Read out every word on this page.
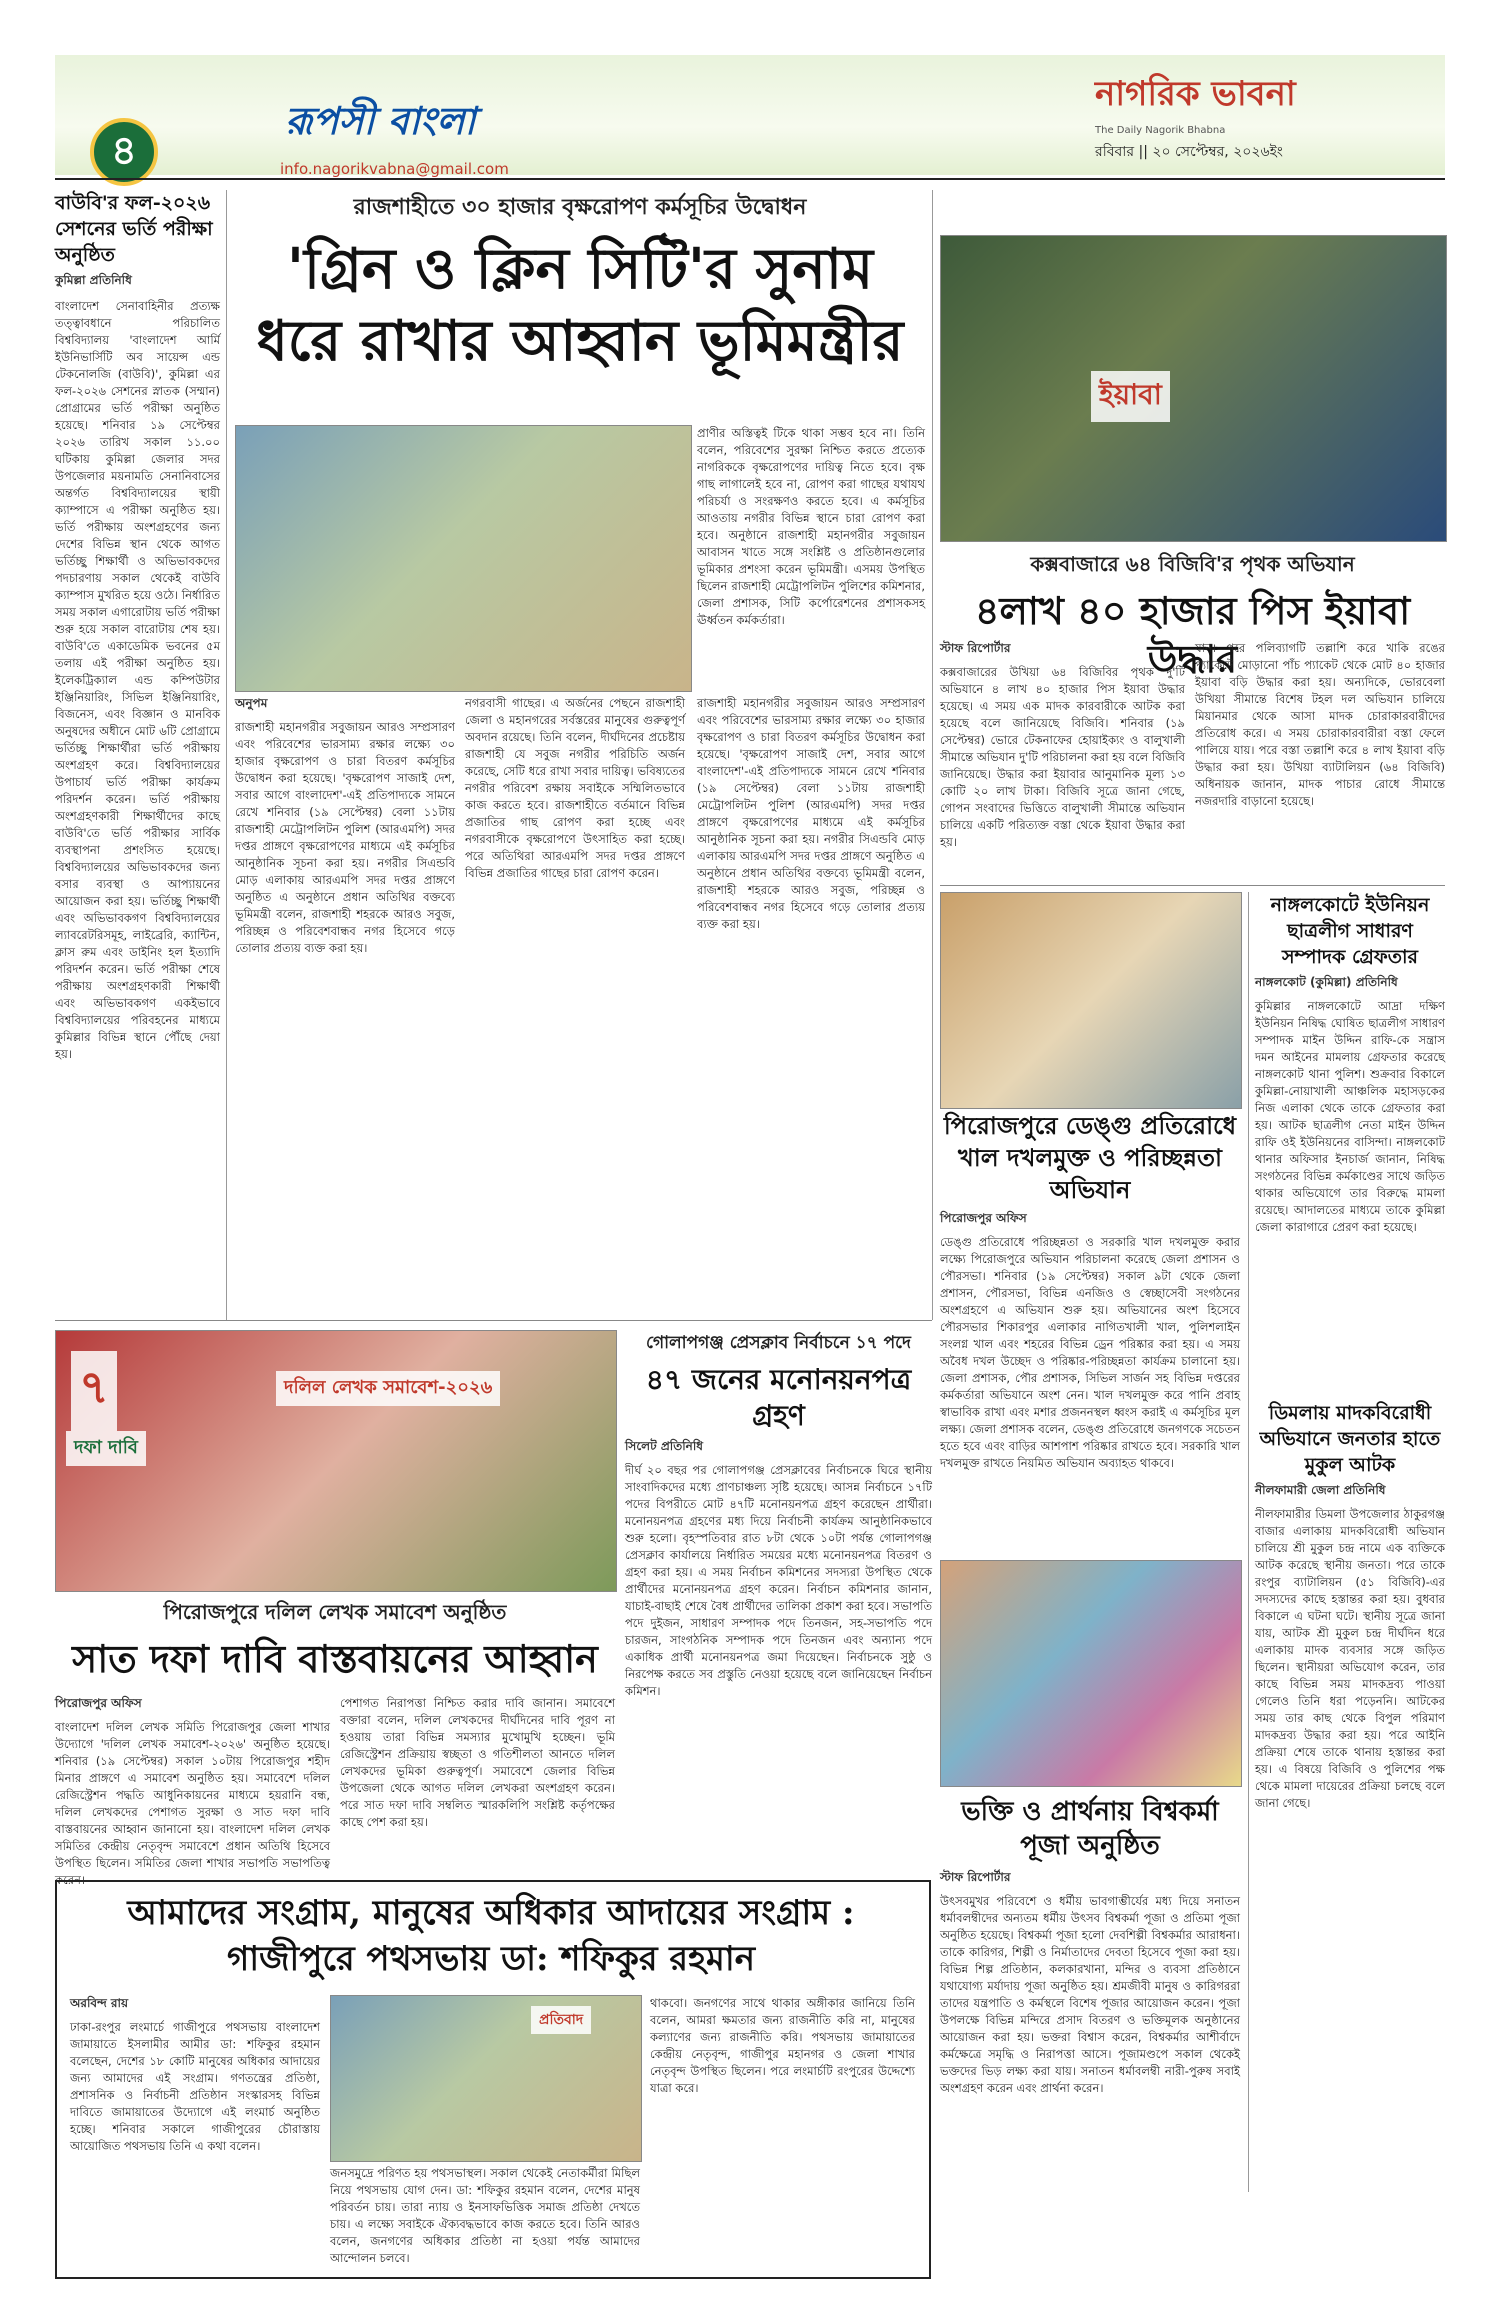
৪
রূপসী বাংলা
info.nagorikvabna@gmail.com
নাগরিক ভাবনা
The Daily Nagorik Bhabna
রবিবার || ২০ সেপ্টেম্বর, ২০২৬ইং
বাউবি'র ফল-২০২৬ সেশনের ভর্তি পরীক্ষা অনুষ্ঠিত
কুমিল্লা প্রতিনিধি
বাংলাদেশ সেনাবাহিনীর প্রত্যক্ষ তত্ত্বাবধানে পরিচালিত বিশ্ববিদ্যালয় 'বাংলাদেশ আর্মি ইউনিভার্সিটি অব সায়েন্স এন্ড টেকনোলজি (বাউবি)', কুমিল্লা এর ফল-২০২৬ সেশনের স্নাতক (সম্মান) প্রোগ্রামের ভর্তি পরীক্ষা অনুষ্ঠিত হয়েছে। শনিবার ১৯ সেপ্টেম্বর ২০২৬ তারিখ সকাল ১১.০০ ঘটিকায় কুমিল্লা জেলার সদর উপজেলার ময়নামতি সেনানিবাসের অন্তর্গত বিশ্ববিদ্যালয়ের স্থায়ী ক্যাম্পাসে এ পরীক্ষা অনুষ্ঠিত হয়। ভর্তি পরীক্ষায় অংশগ্রহণের জন্য দেশের বিভিন্ন স্থান থেকে আগত ভর্তিচ্ছু শিক্ষার্থী ও অভিভাবকদের পদচারণায় সকাল থেকেই বাউবি ক্যাম্পাস মুখরিত হয়ে ওঠে। নির্ধারিত সময় সকাল এগারোটায় ভর্তি পরীক্ষা শুরু হয়ে সকাল বারোটায় শেষ হয়। বাউবি'তে একাডেমিক ভবনের ৫ম তলায় এই পরীক্ষা অনুষ্ঠিত হয়। ইলেকট্রিক্যাল এন্ড কম্পিউটার ইঞ্জিনিয়ারিং, সিভিল ইঞ্জিনিয়ারিং, বিজনেস, এবং বিজ্ঞান ও মানবিক অনুষদের অধীনে মোট ৬টি প্রোগ্রামে ভর্তিচ্ছু শিক্ষার্থীরা ভর্তি পরীক্ষায় অংশগ্রহণ করে। বিশ্ববিদ্যালয়ের উপাচার্য ভর্তি পরীক্ষা কার্যক্রম পরিদর্শন করেন। ভর্তি পরীক্ষায় অংশগ্রহণকারী শিক্ষার্থীদের কাছে বাউবি'তে ভর্তি পরীক্ষার সার্বিক ব্যবস্থাপনা প্রশংসিত হয়েছে। বিশ্ববিদ্যালয়ের অভিভাবকদের জন্য বসার ব্যবস্থা ও আপ্যায়নের আয়োজন করা হয়। ভর্তিচ্ছু শিক্ষার্থী এবং অভিভাবকগণ বিশ্ববিদ্যালয়ের ল্যাবরেটরিসমূহ, লাইব্রেরি, ক্যান্টিন, ক্লাস রুম এবং ডাইনিং হল ইত্যাদি পরিদর্শন করেন। ভর্তি পরীক্ষা শেষে পরীক্ষায় অংশগ্রহণকারী শিক্ষার্থী এবং অভিভাবকগণ একইভাবে বিশ্ববিদ্যালয়ের পরিবহনের মাধ্যমে কুমিল্লার বিভিন্ন স্থানে পৌঁছে দেয়া হয়।
রাজশাহীতে ৩০ হাজার বৃক্ষরোপণ কর্মসূচির উদ্বোধন
'গ্রিন ও ক্লিন সিটি'র সুনাম ধরে রাখার আহ্বান ভূমিমন্ত্রীর
প্রাণীর অস্তিত্বই টিকে থাকা সম্ভব হবে না। তিনি বলেন, পরিবেশের সুরক্ষা নিশ্চিত করতে প্রত্যেক নাগরিককে বৃক্ষরোপণের দায়িত্ব নিতে হবে। বৃক্ষ গাছ লাগালেই হবে না, রোপণ করা গাছের যথাযথ পরিচর্যা ও সংরক্ষণও করতে হবে। এ কর্মসূচির আওতায় নগরীর বিভিন্ন স্থানে চারা রোপণ করা হবে। অনুষ্ঠানে রাজশাহী মহানগরীর সবুজায়ন আবাসন খাতে সঙ্গে সংশ্লিষ্ট ও প্রতিষ্ঠানগুলোর ভূমিকার প্রশংসা করেন ভূমিমন্ত্রী। এসময় উপস্থিত ছিলেন রাজশাহী মেট্রোপলিটন পুলিশের কমিশনার, জেলা প্রশাসক, সিটি কর্পোরেশনের প্রশাসকসহ ঊর্ধ্বতন কর্মকর্তারা।
অনুপম
রাজশাহী মহানগরীর সবুজায়ন আরও সম্প্রসারণ এবং পরিবেশের ভারসাম্য রক্ষার লক্ষ্যে ৩০ হাজার বৃক্ষরোপণ ও চারা বিতরণ কর্মসূচির উদ্বোধন করা হয়েছে। 'বৃক্ষরোপণ সাজাই দেশ, সবার আগে বাংলাদেশ'-এই প্রতিপাদ্যকে সামনে রেখে শনিবার (১৯ সেপ্টেম্বর) বেলা ১১টায় রাজশাহী মেট্রোপলিটন পুলিশ (আরএমপি) সদর দপ্তর প্রাঙ্গণে বৃক্ষরোপণের মাধ্যমে এই কর্মসূচির আনুষ্ঠানিক সূচনা করা হয়। নগরীর সিএন্ডবি মোড় এলাকায় আরএমপি সদর দপ্তর প্রাঙ্গণে অনুষ্ঠিত এ অনুষ্ঠানে প্রধান অতিথির বক্তব্যে ভূমিমন্ত্রী বলেন, রাজশাহী শহরকে আরও সবুজ, পরিচ্ছন্ন ও পরিবেশবান্ধব নগর হিসেবে গড়ে তোলার প্রত্যয় ব্যক্ত করা হয়।
নগরবাসী গাছের। এ অর্জনের পেছনে রাজশাহী জেলা ও মহানগরের সর্বস্তরের মানুষের গুরুত্বপূর্ণ অবদান রয়েছে। তিনি বলেন, দীর্ঘদিনের প্রচেষ্টায় রাজশাহী যে সবুজ নগরীর পরিচিতি অর্জন করেছে, সেটি ধরে রাখা সবার দায়িত্ব। ভবিষ্যতের নগরীর পরিবেশ রক্ষায় সবাইকে সম্মিলিতভাবে কাজ করতে হবে। রাজশাহীতে বর্তমানে বিভিন্ন প্রজাতির গাছ রোপণ করা হচ্ছে এবং নগরবাসীকে বৃক্ষরোপণে উৎসাহিত করা হচ্ছে। পরে অতিথিরা আরএমপি সদর দপ্তর প্রাঙ্গণে বিভিন্ন প্রজাতির গাছের চারা রোপণ করেন।
রাজশাহী মহানগরীর সবুজায়ন আরও সম্প্রসারণ এবং পরিবেশের ভারসাম্য রক্ষার লক্ষ্যে ৩০ হাজার বৃক্ষরোপণ ও চারা বিতরণ কর্মসূচির উদ্বোধন করা হয়েছে। 'বৃক্ষরোপণ সাজাই দেশ, সবার আগে বাংলাদেশ'-এই প্রতিপাদ্যকে সামনে রেখে শনিবার (১৯ সেপ্টেম্বর) বেলা ১১টায় রাজশাহী মেট্রোপলিটন পুলিশ (আরএমপি) সদর দপ্তর প্রাঙ্গণে বৃক্ষরোপণের মাধ্যমে এই কর্মসূচির আনুষ্ঠানিক সূচনা করা হয়। নগরীর সিএন্ডবি মোড় এলাকায় আরএমপি সদর দপ্তর প্রাঙ্গণে অনুষ্ঠিত এ অনুষ্ঠানে প্রধান অতিথির বক্তব্যে ভূমিমন্ত্রী বলেন, রাজশাহী শহরকে আরও সবুজ, পরিচ্ছন্ন ও পরিবেশবান্ধব নগর হিসেবে গড়ে তোলার প্রত্যয় ব্যক্ত করা হয়।
ইয়াবা
কক্সবাজারে ৬৪ বিজিবি'র পৃথক অভিযান
৪লাখ ৪০ হাজার পিস ইয়াবা উদ্ধার
স্টাফ রিপোর্টার
কক্সবাজারের উখিয়া ৬৪ বিজিবির পৃথক দু'টি অভিযানে ৪ লাখ ৪০ হাজার পিস ইয়াবা উদ্ধার হয়েছে। এ সময় এক মাদক কারবারীকে আটক করা হয়েছে বলে জানিয়েছে বিজিবি। শনিবার (১৯ সেপ্টেম্বর) ভোরে টেকনাফের হোয়াইক্যং ও বালুখালী সীমান্তে অভিযান দু'টি পরিচালনা করা হয় বলে বিজিবি জানিয়েছে। উদ্ধার করা ইয়াবার আনুমানিক মূল্য ১৩ কোটি ২০ লাখ টাকা। বিজিবি সূত্রে জানা গেছে, গোপন সংবাদের ভিত্তিতে বালুখালী সীমান্তে অভিযান চালিয়ে একটি পরিত্যক্ত বস্তা থেকে ইয়াবা উদ্ধার করা হয়।
যান। পরে পলিব্যাগটি তল্লাশি করে খাকি রঙের প্যাকেটে মোড়ানো পাঁচ প্যাকেট থেকে মোট ৪০ হাজার ইয়াবা বড়ি উদ্ধার করা হয়। অন্যদিকে, ভোরবেলা উখিয়া সীমান্তে বিশেষ টহল দল অভিযান চালিয়ে মিয়ানমার থেকে আসা মাদক চোরাকারবারীদের প্রতিরোধ করে। এ সময় চোরাকারবারীরা বস্তা ফেলে পালিয়ে যায়। পরে বস্তা তল্লাশি করে ৪ লাখ ইয়াবা বড়ি উদ্ধার করা হয়। উখিয়া ব্যাটালিয়ন (৬৪ বিজিবি) অধিনায়ক জানান, মাদক পাচার রোধে সীমান্তে নজরদারি বাড়ানো হয়েছে।
পিরোজপুরে ডেঙ্গু প্রতিরোধে খাল দখলমুক্ত ও পরিচ্ছন্নতা অভিযান
পিরোজপুর অফিস
ডেঙ্গু প্রতিরোধে পরিচ্ছন্নতা ও সরকারি খাল দখলমুক্ত করার লক্ষ্যে পিরোজপুরে অভিযান পরিচালনা করেছে জেলা প্রশাসন ও পৌরসভা। শনিবার (১৯ সেপ্টেম্বর) সকাল ৯টা থেকে জেলা প্রশাসন, পৌরসভা, বিভিন্ন এনজিও ও স্বেচ্ছাসেবী সংগঠনের অংশগ্রহণে এ অভিযান শুরু হয়। অভিযানের অংশ হিসেবে পৌরসভার শিকারপুর এলাকার নাগিতখালী খাল, পুলিশলাইন সংলগ্ন খাল এবং শহরের বিভিন্ন ড্রেন পরিষ্কার করা হয়। এ সময় অবৈধ দখল উচ্ছেদ ও পরিষ্কার-পরিচ্ছন্নতা কার্যক্রম চালানো হয়। জেলা প্রশাসক, পৌর প্রশাসক, সিভিল সার্জন সহ বিভিন্ন দপ্তরের কর্মকর্তারা অভিযানে অংশ নেন। খাল দখলমুক্ত করে পানি প্রবাহ স্বাভাবিক রাখা এবং মশার প্রজননস্থল ধ্বংস করাই এ কর্মসূচির মূল লক্ষ্য। জেলা প্রশাসক বলেন, ডেঙ্গু প্রতিরোধে জনগণকে সচেতন হতে হবে এবং বাড়ির আশপাশ পরিষ্কার রাখতে হবে। সরকারি খাল দখলমুক্ত রাখতে নিয়মিত অভিযান অব্যাহত থাকবে।
নাঙ্গলকোটে ইউনিয়ন ছাত্রলীগ সাধারণ সম্পাদক গ্রেফতার
নাঙ্গলকোট (কুমিল্লা) প্রতিনিধি
কুমিল্লার নাঙ্গলকোটে আদ্রা দক্ষিণ ইউনিয়ন নিষিদ্ধ ঘোষিত ছাত্রলীগ সাধারণ সম্পাদক মাইন উদ্দিন রাফি-কে সন্ত্রাস দমন আইনের মামলায় গ্রেফতার করেছে নাঙ্গলকোট থানা পুলিশ। শুক্রবার বিকালে কুমিল্লা-নোয়াখালী আঞ্চলিক মহাসড়কের নিজ এলাকা থেকে তাকে গ্রেফতার করা হয়। আটক ছাত্রলীগ নেতা মাইন উদ্দিন রাফি ওই ইউনিয়নের বাসিন্দা। নাঙ্গলকোট থানার অফিসার ইনচার্জ জানান, নিষিদ্ধ সংগঠনের বিভিন্ন কর্মকাণ্ডের সাথে জড়িত থাকার অভিযোগে তার বিরুদ্ধে মামলা রয়েছে। আদালতের মাধ্যমে তাকে কুমিল্লা জেলা কারাগারে প্রেরণ করা হয়েছে।
ডিমলায় মাদকবিরোধী অভিযানে জনতার হাতে মুকুল আটক
নীলফামারী জেলা প্রতিনিধি
নীলফামারীর ডিমলা উপজেলার ঠাকুরগঞ্জ বাজার এলাকায় মাদকবিরোধী অভিযান চালিয়ে শ্রী মুকুল চন্দ্র নামে এক ব্যক্তিকে আটক করেছে স্থানীয় জনতা। পরে তাকে রংপুর ব্যাটালিয়ন (৫১ বিজিবি)-এর সদস্যদের কাছে হস্তান্তর করা হয়। বুধবার বিকালে এ ঘটনা ঘটে। স্থানীয় সূত্রে জানা যায়, আটক শ্রী মুকুল চন্দ্র দীর্ঘদিন ধরে এলাকায় মাদক ব্যবসার সঙ্গে জড়িত ছিলেন। স্থানীয়রা অভিযোগ করেন, তার কাছে বিভিন্ন সময় মাদকদ্রব্য পাওয়া গেলেও তিনি ধরা পড়েননি। আটকের সময় তার কাছ থেকে বিপুল পরিমাণ মাদকদ্রব্য উদ্ধার করা হয়। পরে আইনি প্রক্রিয়া শেষে তাকে থানায় হস্তান্তর করা হয়। এ বিষয়ে বিজিবি ও পুলিশের পক্ষ থেকে মামলা দায়েরের প্রক্রিয়া চলছে বলে জানা গেছে।
ভক্তি ও প্রার্থনায় বিশ্বকর্মা পূজা অনুষ্ঠিত
স্টাফ রিপোর্টার
উৎসবমুখর পরিবেশে ও ধর্মীয় ভাবগাম্ভীর্যের মধ্য দিয়ে সনাতন ধর্মাবলম্বীদের অন্যতম ধর্মীয় উৎসব বিশ্বকর্মা পূজা ও প্রতিমা পূজা অনুষ্ঠিত হয়েছে। বিশ্বকর্মা পূজা হলো দেবশিল্পী বিশ্বকর্মার আরাধনা। তাকে কারিগর, শিল্পী ও নির্মাতাদের দেবতা হিসেবে পূজা করা হয়। বিভিন্ন শিল্প প্রতিষ্ঠান, কলকারখানা, মন্দির ও ব্যবসা প্রতিষ্ঠানে যথাযোগ্য মর্যাদায় পূজা অনুষ্ঠিত হয়। শ্রমজীবী মানুষ ও কারিগররা তাদের যন্ত্রপাতি ও কর্মস্থলে বিশেষ পূজার আয়োজন করেন। পূজা উপলক্ষে বিভিন্ন মন্দিরে প্রসাদ বিতরণ ও ভক্তিমূলক অনুষ্ঠানের আয়োজন করা হয়। ভক্তরা বিশ্বাস করেন, বিশ্বকর্মার আশীর্বাদে কর্মক্ষেত্রে সমৃদ্ধি ও নিরাপত্তা আসে। পূজামণ্ডপে সকাল থেকেই ভক্তদের ভিড় লক্ষ্য করা যায়। সনাতন ধর্মাবলম্বী নারী-পুরুষ সবাই অংশগ্রহণ করেন এবং প্রার্থনা করেন।
৭
দফা দাবি
দলিল লেখক সমাবেশ-২০২৬
গোলাপগঞ্জ প্রেসক্লাব নির্বাচনে ১৭ পদে
৪৭ জনের মনোনয়নপত্র গ্রহণ
সিলেট প্রতিনিধি
দীর্ঘ ২০ বছর পর গোলাপগঞ্জ প্রেসক্লাবের নির্বাচনকে ঘিরে স্থানীয় সাংবাদিকদের মধ্যে প্রাণচাঞ্চল্য সৃষ্টি হয়েছে। আসন্ন নির্বাচনে ১৭টি পদের বিপরীতে মোট ৪৭টি মনোনয়নপত্র গ্রহণ করেছেন প্রার্থীরা। মনোনয়নপত্র গ্রহণের মধ্য দিয়ে নির্বাচনী কার্যক্রম আনুষ্ঠানিকভাবে শুরু হলো। বৃহস্পতিবার রাত ৮টা থেকে ১০টা পর্যন্ত গোলাপগঞ্জ প্রেসক্লাব কার্যালয়ে নির্ধারিত সময়ের মধ্যে মনোনয়নপত্র বিতরণ ও গ্রহণ করা হয়। এ সময় নির্বাচন কমিশনের সদস্যরা উপস্থিত থেকে প্রার্থীদের মনোনয়নপত্র গ্রহণ করেন। নির্বাচন কমিশনার জানান, যাচাই-বাছাই শেষে বৈধ প্রার্থীদের তালিকা প্রকাশ করা হবে। সভাপতি পদে দুইজন, সাধারণ সম্পাদক পদে তিনজন, সহ-সভাপতি পদে চারজন, সাংগঠনিক সম্পাদক পদে তিনজন এবং অন্যান্য পদে একাধিক প্রার্থী মনোনয়নপত্র জমা দিয়েছেন। নির্বাচনকে সুষ্ঠু ও নিরপেক্ষ করতে সব প্রস্তুতি নেওয়া হয়েছে বলে জানিয়েছেন নির্বাচন কমিশন।
পিরোজপুরে দলিল লেখক সমাবেশ অনুষ্ঠিত
সাত দফা দাবি বাস্তবায়নের আহ্বান
পিরোজপুর অফিস
বাংলাদেশ দলিল লেখক সমিতি পিরোজপুর জেলা শাখার উদ্যোগে 'দলিল লেখক সমাবেশ-২০২৬' অনুষ্ঠিত হয়েছে। শনিবার (১৯ সেপ্টেম্বর) সকাল ১০টায় পিরোজপুর শহীদ মিনার প্রাঙ্গণে এ সমাবেশ অনুষ্ঠিত হয়। সমাবেশে দলিল রেজিস্ট্রেশন পদ্ধতি আধুনিকায়নের মাধ্যমে হয়রানি বন্ধ, দলিল লেখকদের পেশাগত সুরক্ষা ও সাত দফা দাবি বাস্তবায়নের আহ্বান জানানো হয়। বাংলাদেশ দলিল লেখক সমিতির কেন্দ্রীয় নেতৃবৃন্দ সমাবেশে প্রধান অতিথি হিসেবে উপস্থিত ছিলেন। সমিতির জেলা শাখার সভাপতি সভাপতিত্ব করেন।
পেশাগত নিরাপত্তা নিশ্চিত করার দাবি জানান। সমাবেশে বক্তারা বলেন, দলিল লেখকদের দীর্ঘদিনের দাবি পূরণ না হওয়ায় তারা বিভিন্ন সমস্যার মুখোমুখি হচ্ছেন। ভূমি রেজিস্ট্রেশন প্রক্রিয়ায় স্বচ্ছতা ও গতিশীলতা আনতে দলিল লেখকদের ভূমিকা গুরুত্বপূর্ণ। সমাবেশে জেলার বিভিন্ন উপজেলা থেকে আগত দলিল লেখকরা অংশগ্রহণ করেন। পরে সাত দফা দাবি সম্বলিত স্মারকলিপি সংশ্লিষ্ট কর্তৃপক্ষের কাছে পেশ করা হয়।
আমাদের সংগ্রাম, মানুষের অধিকার আদায়ের সংগ্রাম : গাজীপুরে পথসভায় ডা: শফিকুর রহমান
অরবিন্দ রায়
ঢাকা-রংপুর লংমার্চে গাজীপুরে পথসভায় বাংলাদেশ জামায়াতে ইসলামীর আমীর ডা: শফিকুর রহমান বলেছেন, দেশের ১৮ কোটি মানুষের অধিকার আদায়ের জন্য আমাদের এই সংগ্রাম। গণতন্ত্রের প্রতিষ্ঠা, প্রশাসনিক ও নির্বাচনী প্রতিষ্ঠান সংস্কারসহ বিভিন্ন দাবিতে জামায়াতের উদ্যোগে এই লংমার্চ অনুষ্ঠিত হচ্ছে। শনিবার সকালে গাজীপুরের চৌরাস্তায় আয়োজিত পথসভায় তিনি এ কথা বলেন।
প্রতিবাদ
জনসমুদ্রে পরিণত হয় পথসভাস্থল। সকাল থেকেই নেতাকর্মীরা মিছিল নিয়ে পথসভায় যোগ দেন। ডা: শফিকুর রহমান বলেন, দেশের মানুষ পরিবর্তন চায়। তারা ন্যায় ও ইনসাফভিত্তিক সমাজ প্রতিষ্ঠা দেখতে চায়। এ লক্ষ্যে সবাইকে ঐক্যবদ্ধভাবে কাজ করতে হবে। তিনি আরও বলেন, জনগণের অধিকার প্রতিষ্ঠা না হওয়া পর্যন্ত আমাদের আন্দোলন চলবে।
থাকবো। জনগণের সাথে থাকার অঙ্গীকার জানিয়ে তিনি বলেন, আমরা ক্ষমতার জন্য রাজনীতি করি না, মানুষের কল্যাণের জন্য রাজনীতি করি। পথসভায় জামায়াতের কেন্দ্রীয় নেতৃবৃন্দ, গাজীপুর মহানগর ও জেলা শাখার নেতৃবৃন্দ উপস্থিত ছিলেন। পরে লংমার্চটি রংপুরের উদ্দেশ্যে যাত্রা করে।
